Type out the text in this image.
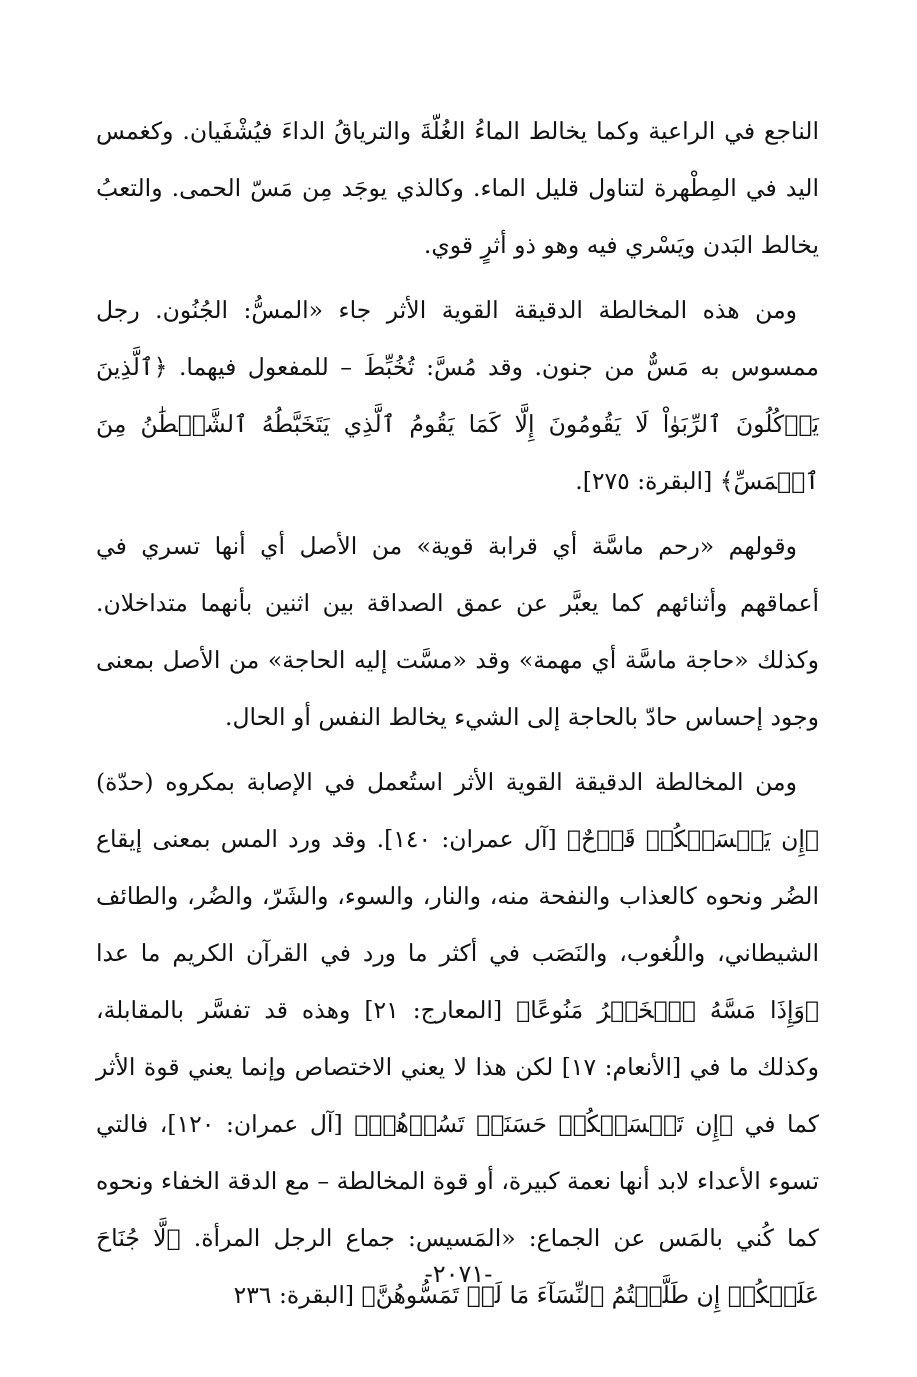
الناجع في الراعية وكما يخالط الماءُ الغُلّةَ والترياقُ الداءَ فيُشْفَيان. وكغمس اليد في المِطْهرة لتناول قليل الماء. وكالذي يوجَد مِن مَسّ الحمى. والتعبُ يخالط البَدن ويَسْري فيه وهو ذو أثرٍ قوي.

ومن هذه المخالطة الدقيقة القوية الأثر جاء «المسُّ: الجُنُون. رجل ممسوس به مَسٌّ من جنون. وقد مُسَّ: تُخُبِّطَ – للمفعول فيهما. ﴿ٱلَّذِينَ يَأۡكُلُونَ ٱلرِّبَوٰاْ لَا يَقُومُونَ إِلَّا كَمَا يَقُومُ ٱلَّذِي يَتَخَبَّطُهُ ٱلشَّيۡطَٰنُ مِنَ ٱلۡمَسِّ﴾ [البقرة: ٢٧٥].

وقولهم «رحم ماسَّة أي قرابة قوية» من الأصل أي أنها تسري في أعماقهم وأثنائهم كما يعبَّر عن عمق الصداقة بين اثنين بأنهما متداخلان. وكذلك «حاجة ماسَّة أي مهمة» وقد «مسَّت إليه الحاجة» من الأصل بمعنى وجود إحساس حادّ بالحاجة إلى الشيء يخالط النفس أو الحال.

ومن المخالطة الدقيقة القوية الأثر استُعمل في الإصابة بمكروه (حدّة) ﴿إِن يَمۡسَسۡكُمۡ قَرۡحٌ﴾ [آل عمران: ١٤٠]. وقد ورد المس بمعنى إيقاع الضُر ونحوه كالعذاب والنفحة منه، والنار، والسوء، والشَرّ، والضُر، والطائف الشيطاني، واللُغوب، والنَصَب في أكثر ما ورد في القرآن الكريم ما عدا ﴿وَإِذَا مَسَّهُ ٱلۡخَيۡرُ مَنُوعًا﴾ [المعارج: ٢١] وهذه قد تفسَّر بالمقابلة، وكذلك ما في [الأنعام: ١٧] لكن هذا لا يعني الاختصاص وإنما يعني قوة الأثر كما في ﴿إِن تَمۡسَسۡكُمۡ حَسَنَةٞ تَسُؤۡهُمۡ﴾ [آل عمران: ١٢٠]، فالتي تسوء الأعداء لابد أنها نعمة كبيرة، أو قوة المخالطة – مع الدقة الخفاء ونحوه كما كُني بالمَس عن الجماع: «المَسيس: جماع الرجل المرأة. ﴿لَّا جُنَاحَ عَلَيۡكُمۡ إِن طَلَّقۡتُمُ ٱلنِّسَآءَ مَا لَمۡ تَمَسُّوهُنَّ﴾ [البقرة: ٢٣٦

-٢٠٧١-
